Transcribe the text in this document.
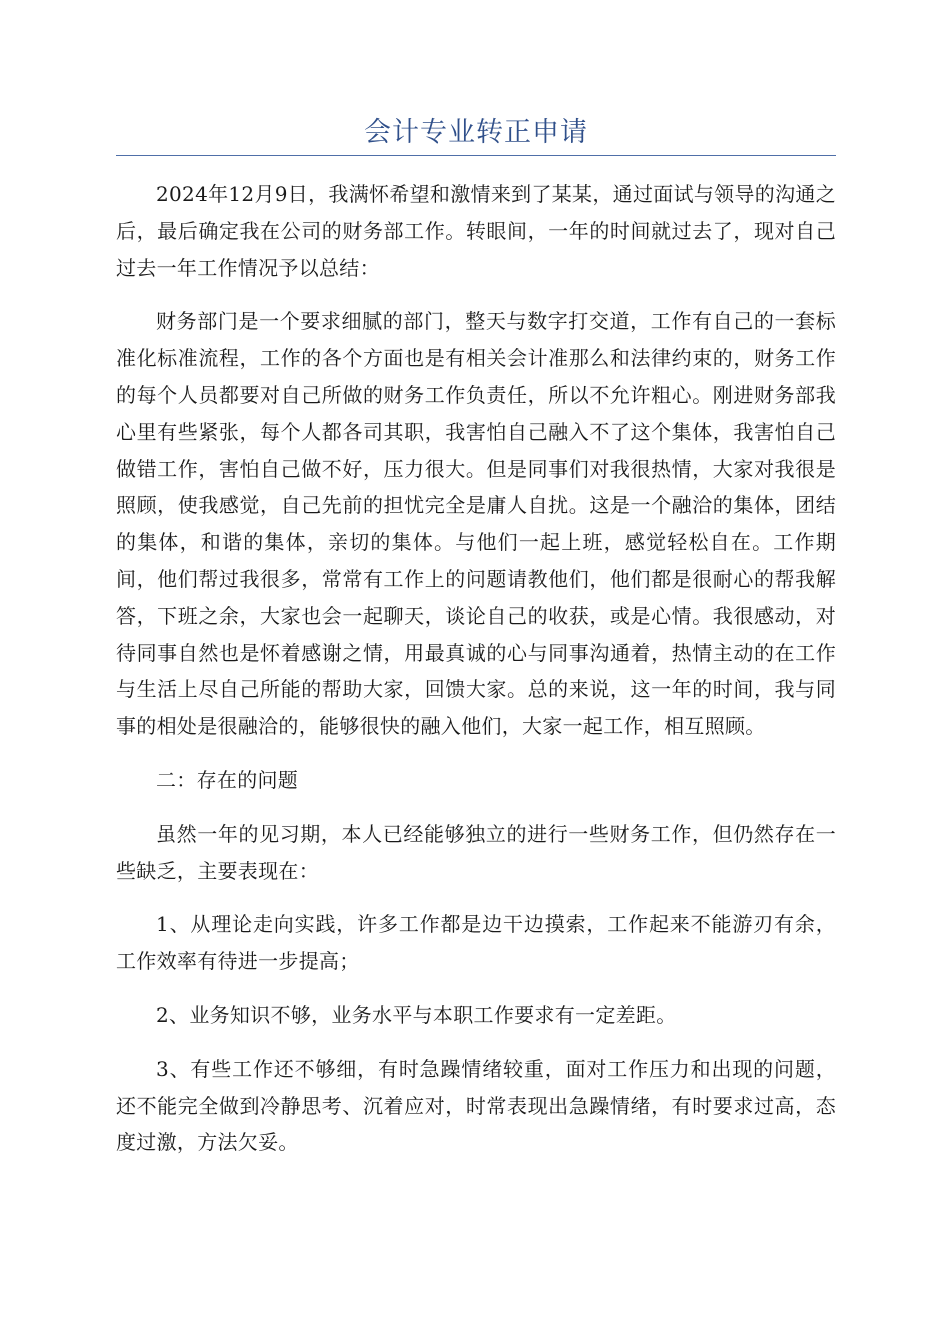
会计专业转正申请

2024年12月9日，我满怀希望和激情来到了某某，通过面试与领导的沟通之后，最后确定我在公司的财务部工作。转眼间，一年的时间就过去了，现对自己过去一年工作情况予以总结：

财务部门是一个要求细腻的部门，整天与数字打交道，工作有自己的一套标准化标准流程，工作的各个方面也是有相关会计准那么和法律约束的，财务工作的每个人员都要对自己所做的财务工作负责任，所以不允许粗心。刚进财务部我心里有些紧张，每个人都各司其职，我害怕自己融入不了这个集体，我害怕自己做错工作，害怕自己做不好，压力很大。但是同事们对我很热情，大家对我很是照顾，使我感觉，自己先前的担忧完全是庸人自扰。这是一个融洽的集体，团结的集体，和谐的集体，亲切的集体。与他们一起上班，感觉轻松自在。工作期间，他们帮过我很多，常常有工作上的问题请教他们，他们都是很耐心的帮我解答，下班之余，大家也会一起聊天，谈论自己的收获，或是心情。我很感动，对待同事自然也是怀着感谢之情，用最真诚的心与同事沟通着，热情主动的在工作与生活上尽自己所能的帮助大家，回馈大家。总的来说，这一年的时间，我与同事的相处是很融洽的，能够很快的融入他们，大家一起工作，相互照顾。

二：存在的问题

虽然一年的见习期，本人已经能够独立的进行一些财务工作，但仍然存在一些缺乏，主要表现在：

1、从理论走向实践，许多工作都是边干边摸索，工作起来不能游刃有余，工作效率有待进一步提高；

2、业务知识不够，业务水平与本职工作要求有一定差距。

3、有些工作还不够细，有时急躁情绪较重，面对工作压力和出现的问题，还不能完全做到冷静思考、沉着应对，时常表现出急躁情绪，有时要求过高，态度过激，方法欠妥。
